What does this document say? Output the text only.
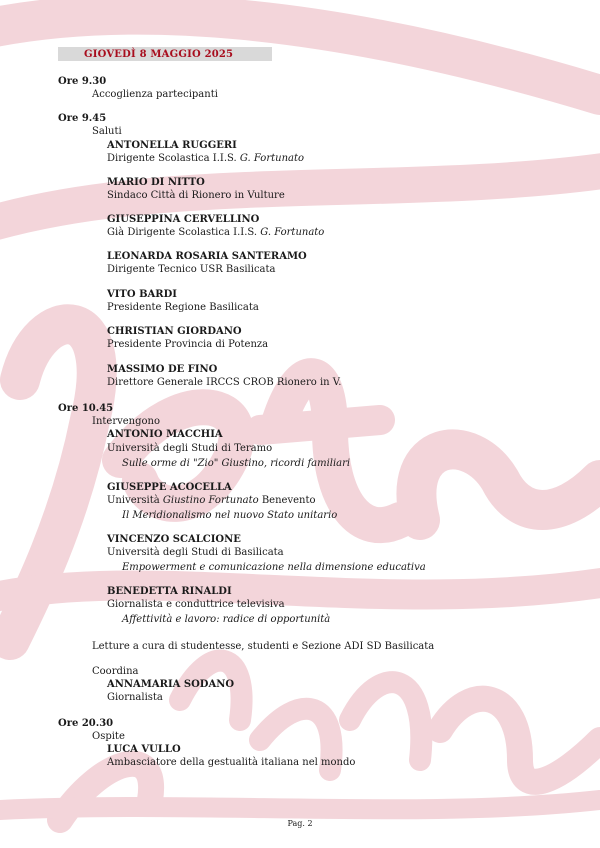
GIOVEDÌ 8 MAGGIO 2025
Ore 9.30
Accoglienza partecipanti
Ore 9.45
Saluti
ANTONELLA RUGGERI
Dirigente Scolastica I.I.S. G. Fortunato
MARIO DI NITTO
Sindaco Città di Rionero in Vulture
GIUSEPPINA CERVELLINO
Già Dirigente Scolastica I.I.S. G. Fortunato
LEONARDA ROSARIA SANTERAMO
Dirigente Tecnico USR Basilicata
VITO BARDI
Presidente Regione Basilicata
CHRISTIAN GIORDANO
Presidente Provincia di Potenza
MASSIMO DE FINO
Direttore Generale IRCCS CROB Rionero in V.
Ore 10.45
Intervengono
ANTONIO MACCHIA
Università degli Studi di Teramo
Sulle orme di "Zio" Giustino, ricordi familiari
GIUSEPPE ACOCELLA
Università Giustino Fortunato Benevento
Il Meridionalismo nel nuovo Stato unitario
VINCENZO SCALCIONE
Università degli Studi di Basilicata
Empowerment e comunicazione nella dimensione educativa
BENEDETTA RINALDI
Giornalista e conduttrice televisiva
Affettività e lavoro: radice di opportunità
Letture a cura di studentesse, studenti e Sezione ADI SD Basilicata
Coordina
ANNAMARIA SODANO
Giornalista
Ore 20.30
Ospite
LUCA VULLO
Ambasciatore della gestualità italiana nel mondo
Pag. 2
